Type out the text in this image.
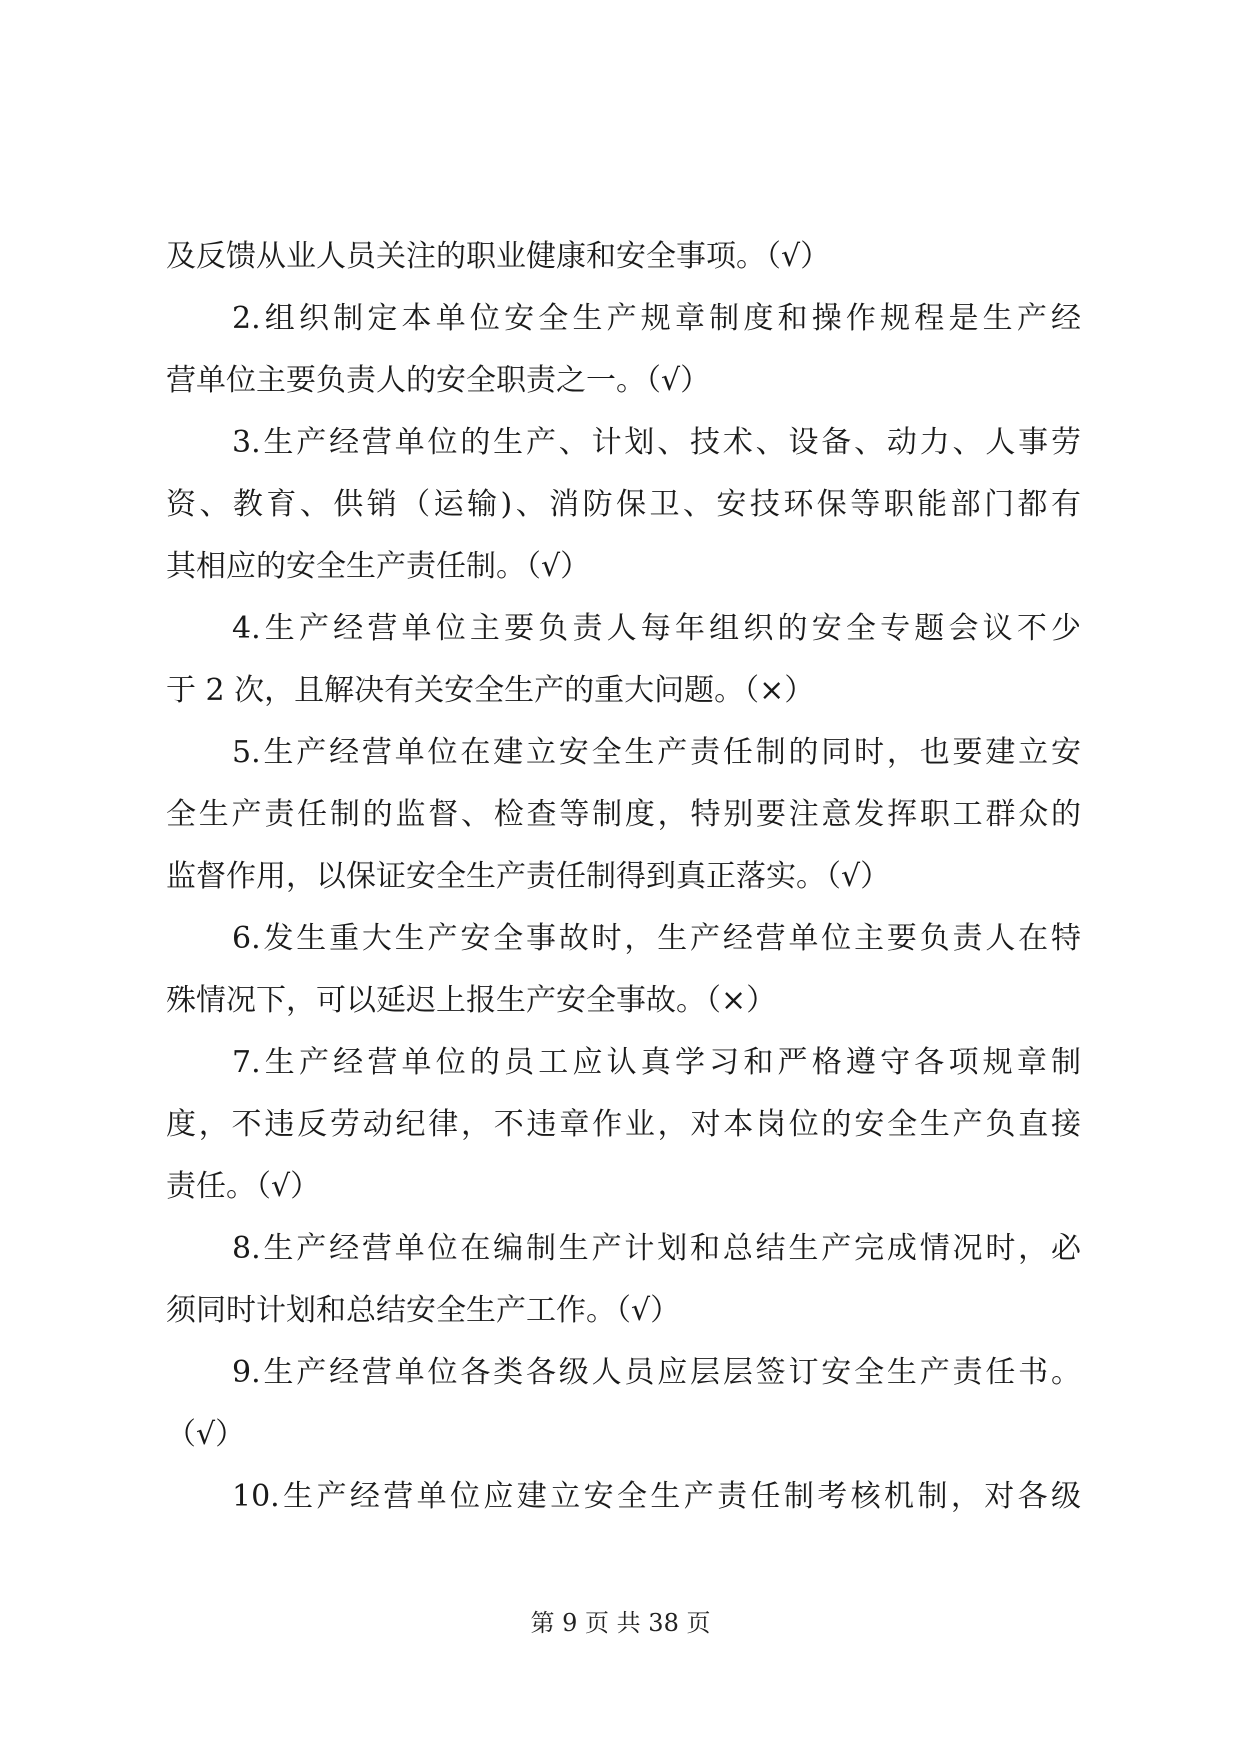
及反馈从业人员关注的职业健康和安全事项。（√）
2.组织制定本单位安全生产规章制度和操作规程是生产经
营单位主要负责人的安全职责之一。（√）
3.生产经营单位的生产、计划、技术、设备、动力、人事劳
资、教育、供销（运输)、消防保卫、安技环保等职能部门都有
其相应的安全生产责任制。（√）
4.生产经营单位主要负责人每年组织的安全专题会议不少
于 2 次，且解决有关安全生产的重大问题。（×）
5.生产经营单位在建立安全生产责任制的同时，也要建立安
全生产责任制的监督、检查等制度，特别要注意发挥职工群众的
监督作用，以保证安全生产责任制得到真正落实。（√）
6.发生重大生产安全事故时，生产经营单位主要负责人在特
殊情况下，可以延迟上报生产安全事故。（×）
7.生产经营单位的员工应认真学习和严格遵守各项规章制
度，不违反劳动纪律，不违章作业，对本岗位的安全生产负直接
责任。（√）
8.生产经营单位在编制生产计划和总结生产完成情况时，必
须同时计划和总结安全生产工作。（√）
9.生产经营单位各类各级人员应层层签订安全生产责任书。
（√）
10.生产经营单位应建立安全生产责任制考核机制，对各级
第 9 页 共 38 页
